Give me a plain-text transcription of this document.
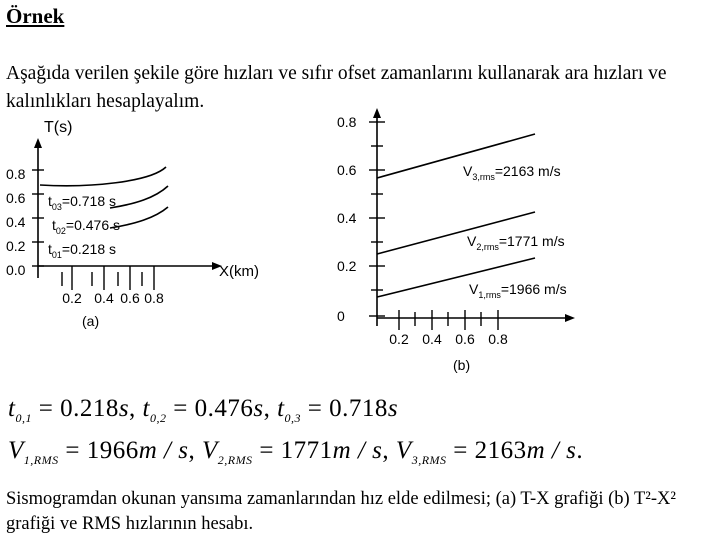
Örnek
Aşağıda verilen şekile göre hızları ve sıfır ofset zamanlarını kullanarak ara hızları ve kalınlıkları hesaplayalım.
T(s)
X(km)
(a)
0.8
0.6
0.4
0.2
0.0
0.2 0.4 0.6 0.8
$t_{03}=0.718$ s
$t_{02}=0.476$ s
$t_{01}=0.218$ s
(b)
0.8
0.6
0.4
0.2
0
0.2 0.4 0.6 0.8
$V_{3,rms}=2163$ m/s
$V_{2,rms}=1771$ m/s
$V_{1,rms}=1966$ m/s
$t_{0,1} = 0.218s$, $t_{0,2} = 0.476s$, $t_{0,3} = 0.718s$
$V_{1,RMS} = 1966m / s$, $V_{2,RMS} = 1771m / s$, $V_{3,RMS} = 2163m / s$.
Sismogramdan okunan yansıma zamanlarından hız elde edilmesi; (a) T-X grafiği (b) T²-X² grafiği ve RMS hızlarının hesabı.
